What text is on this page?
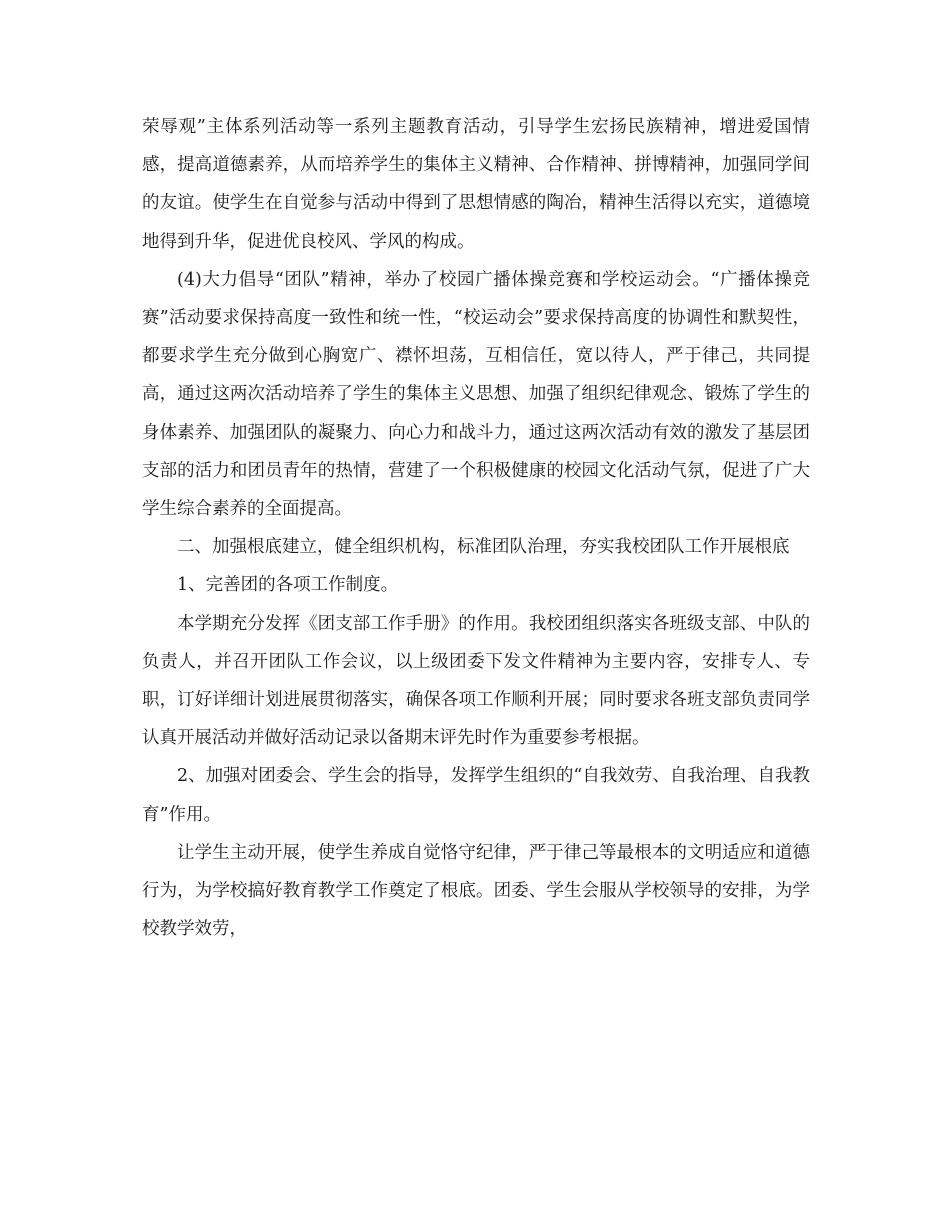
荣辱观”主体系列活动等一系列主题教育活动，引导学生宏扬民族精神，增进爱国情感，提高道德素养，从而培养学生的集体主义精神、合作精神、拼博精神，加强同学间的友谊。使学生在自觉参与活动中得到了思想情感的陶冶，精神生活得以充实，道德境地得到升华，促进优良校风、学风的构成。

(4)大力倡导“团队”精神，举办了校园广播体操竞赛和学校运动会。“广播体操竞赛”活动要求保持高度一致性和统一性，“校运动会”要求保持高度的协调性和默契性，都要求学生充分做到心胸宽广、襟怀坦荡，互相信任，宽以待人，严于律己，共同提高，通过这两次活动培养了学生的集体主义思想、加强了组织纪律观念、锻炼了学生的身体素养、加强团队的凝聚力、向心力和战斗力，通过这两次活动有效的激发了基层团支部的活力和团员青年的热情，营建了一个积极健康的校园文化活动气氛，促进了广大学生综合素养的全面提高。

二、加强根底建立，健全组织机构，标准团队治理，夯实我校团队工作开展根底

1、完善团的各项工作制度。

本学期充分发挥《团支部工作手册》的作用。我校团组织落实各班级支部、中队的负责人，并召开团队工作会议，以上级团委下发文件精神为主要内容，安排专人、专职，订好详细计划进展贯彻落实，确保各项工作顺利开展；同时要求各班支部负责同学认真开展活动并做好活动记录以备期末评先时作为重要参考根据。

2、加强对团委会、学生会的指导，发挥学生组织的“自我效劳、自我治理、自我教育”作用。

让学生主动开展，使学生养成自觉恪守纪律，严于律己等最根本的文明适应和道德行为，为学校搞好教育教学工作奠定了根底。团委、学生会服从学校领导的安排，为学校教学效劳，
